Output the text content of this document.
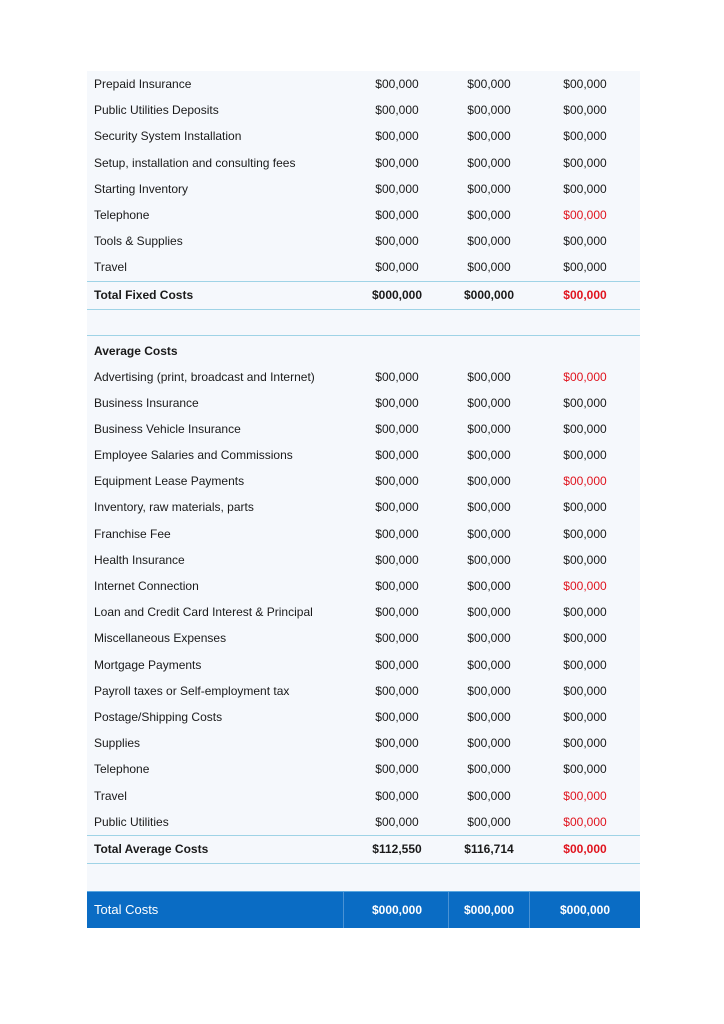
Prepaid Insurance	$00,000	$00,000	$00,000
Public Utilities Deposits	$00,000	$00,000	$00,000
Security System Installation	$00,000	$00,000	$00,000
Setup, installation and consulting fees	$00,000	$00,000	$00,000
Starting Inventory	$00,000	$00,000	$00,000
Telephone	$00,000	$00,000	$00,000
Tools & Supplies	$00,000	$00,000	$00,000
Travel	$00,000	$00,000	$00,000
Total Fixed Costs	$000,000	$000,000	$00,000
Average Costs
Advertising (print, broadcast and Internet)	$00,000	$00,000	$00,000
Business Insurance	$00,000	$00,000	$00,000
Business Vehicle Insurance	$00,000	$00,000	$00,000
Employee Salaries and Commissions	$00,000	$00,000	$00,000
Equipment Lease Payments	$00,000	$00,000	$00,000
Inventory, raw materials, parts	$00,000	$00,000	$00,000
Franchise Fee	$00,000	$00,000	$00,000
Health Insurance	$00,000	$00,000	$00,000
Internet Connection	$00,000	$00,000	$00,000
Loan and Credit Card Interest & Principal	$00,000	$00,000	$00,000
Miscellaneous Expenses	$00,000	$00,000	$00,000
Mortgage Payments	$00,000	$00,000	$00,000
Payroll taxes or Self-employment tax	$00,000	$00,000	$00,000
Postage/Shipping Costs	$00,000	$00,000	$00,000
Supplies	$00,000	$00,000	$00,000
Telephone	$00,000	$00,000	$00,000
Travel	$00,000	$00,000	$00,000
Public Utilities	$00,000	$00,000	$00,000
Total Average Costs	$112,550	$116,714	$00,000
Total Costs	$000,000	$000,000	$000,000
